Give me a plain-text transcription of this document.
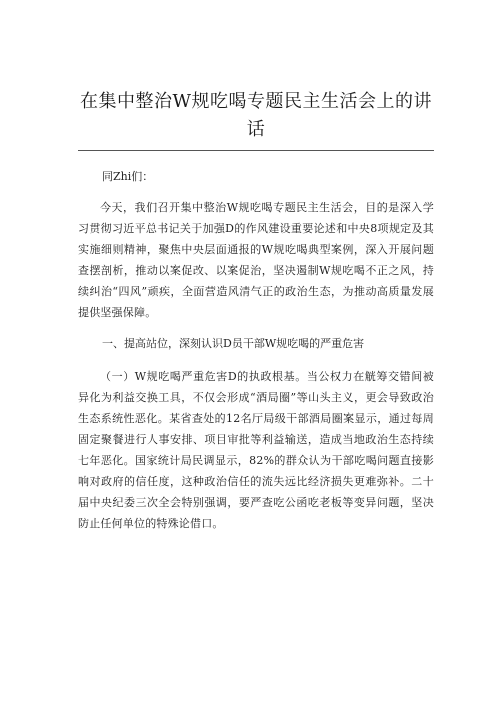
在集中整治W规吃喝专题民主生活会上的讲
话

同Zhi们：

今天，我们召开集中整治W规吃喝专题民主生活会，目的是深入学习贯彻习近平总书记关于加强D的作风建设重要论述和中央8项规定及其实施细则精神，聚焦中央层面通报的W规吃喝典型案例，深入开展问题查摆剖析，推动以案促改、以案促治，坚决遏制W规吃喝不正之风，持续纠治“四风”顽疾，全面营造风清气正的政治生态，为推动高质量发展提供坚强保障。

一、提高站位，深刻认识D员干部W规吃喝的严重危害

（一）W规吃喝严重危害D的执政根基。当公权力在觥筹交错间被异化为利益交换工具，不仅会形成“酒局圈”等山头主义，更会导致政治生态系统性恶化。某省查处的12名厅局级干部酒局圈案显示，通过每周固定聚餐进行人事安排、项目审批等利益输送，造成当地政治生态持续七年恶化。国家统计局民调显示，82%的群众认为干部吃喝问题直接影响对政府的信任度，这种政治信任的流失远比经济损失更难弥补。二十届中央纪委三次全会特别强调，要严查吃公函吃老板等变异问题，坚决防止任何单位的特殊论借口。
